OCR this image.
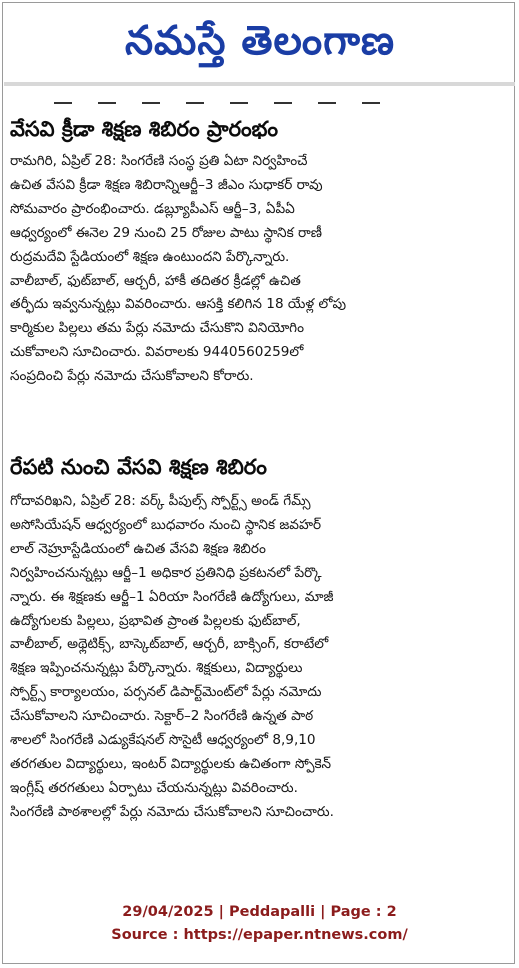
నమస్తే తెలంగాణ
వేసవి క్రీడా శిక్షణ శిబిరం ప్రారంభం
రామగిరి, ఏప్రిల్ 28: సింగరేణి సంస్థ ప్రతి ఏటా నిర్వహించే
ఉచిత వేసవి క్రీడా శిక్షణ శిబిరాన్నిఆర్జీ–3 జీఎం సుధాకర్ రావు
సోమవారం ప్రారంభించారు. డబ్ల్యూపీఎస్ ఆర్జీ–3, ఏపీఏ
ఆధ్వర్యంలో ఈనెల 29 నుంచి 25 రోజుల పాటు స్థానిక రాణీ
రుద్రమదేవి స్టేడియంలో శిక్షణ ఉంటుందని పేర్కొన్నారు.
వాలీబాల్, ఫుట్‌బాల్, ఆర్చరీ, హాకీ తదితర క్రీడల్లో ఉచిత
తర్ఫీదు ఇవ్వనున్నట్లు వివరించారు. ఆసక్తి కలిగిన 18 యేళ్ల లోపు
కార్మికుల పిల్లలు తమ పేర్లు నమోదు చేసుకొని వినియోగిం
చుకోవాలని సూచించారు. వివరాలకు 9440560259లో
సంప్రదించి పేర్లు నమోదు చేసుకోవాలని కోరారు.
రేపటి నుంచి వేసవి శిక్షణ శిబిరం
గోదావరిఖని, ఏప్రిల్ 28: వర్క్ పీపుల్స్ స్పోర్ట్స్ అండ్ గేమ్స్
అసోసియేషన్ ఆధ్వర్యంలో బుధవారం నుంచి స్థానిక జవహర్
లాల్ నెహ్రూస్టేడియంలో ఉచిత వేసవి శిక్షణ శిబిరం
నిర్వహించనున్నట్లు ఆర్జీ–1 అధికార ప్రతినిధి ప్రకటనలో పేర్కొ
న్నారు. ఈ శిక్షణకు ఆర్జీ–1 ఏరియా సింగరేణి ఉద్యోగులు, మాజీ
ఉద్యోగులకు పిల్లలు, ప్రభావిత ప్రాంత పిల్లలకు ఫుట్‌బాల్,
వాలీబాల్, అథ్లెటిక్స్, బాస్కెట్‌బాల్, ఆర్చరీ, బాక్సింగ్, కరాటేలో
శిక్షణ ఇప్పించనున్నట్లు పేర్కొన్నారు. శిక్షకులు, విద్యార్థులు
స్పోర్ట్స్ కార్యాలయం, పర్సనల్ డిపార్ట్‌మెంట్‌లో పేర్లు నమోదు
చేసుకోవాలని సూచించారు. సెక్టార్–2 సింగరేణి ఉన్నత పాఠ
శాలలో సింగరేణి ఎడ్యుకేషనల్ సొసైటీ ఆధ్వర్యంలో 8,9,10
తరగతుల విద్యార్థులు, ఇంటర్ విద్యార్థులకు ఉచితంగా స్పోకెన్
ఇంగ్లీష్ తరగతులు ఏర్పాటు చేయనున్నట్లు వివరించారు.
సింగరేణి పాఠశాలల్లో పేర్లు నమోదు చేసుకోవాలని సూచించారు.
29/04/2025 | Peddapalli | Page : 2
Source : https://epaper.ntnews.com/
